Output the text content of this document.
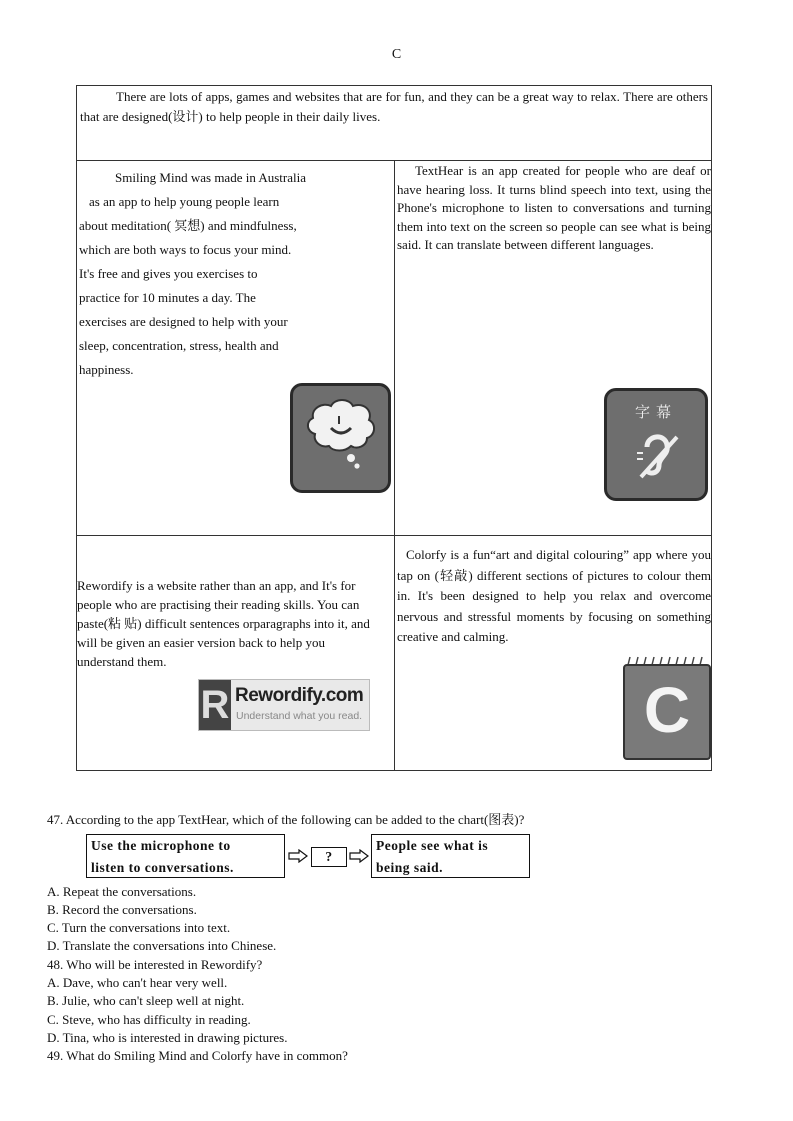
C
There are lots of apps, games and websites that are for fun, and they can be a great way to relax. There are others that are designed(设计) to help people in their daily lives.
Smiling Mind was made in Australia
as an app to help young people learn
about meditation( 冥想) and mindfulness,
which are both ways to focus your mind.
It's free and gives you exercises to
practice for 10 minutes a day. The
exercises are designed to help with your
sleep, concentration, stress, health and
happiness.
TextHear is an app created for people who are deaf or have hearing loss. It turns blind speech into text, using the Phone's microphone to listen to conversations and turning them into text on the screen so people can see what is being said. It can translate between different languages.
字幕
Rewordify is a website rather than an app, and It's for people who are practising their reading skills. You can paste(粘 贴) difficult sentences orparagraphs into it, and will be given an easier version back to help you understand them.
R Rewordify.com
Understand what you read.
Colorfy is a fun“art and digital colouring” app where you tap on (轻敲) different sections of pictures to colour them in. It's been designed to help you relax and overcome nervous and stressful moments by focusing on something creative and calming.
C
47. According to the app TextHear, which of the following can be added to the chart(图表)?
Use the microphone to
listen to conversations.
?
People see what is
being said.
A. Repeat the conversations.
B. Record the conversations.
C. Turn the conversations into text.
D. Translate the conversations into Chinese.
48. Who will be interested in Rewordify?
A. Dave, who can't hear very well.
B. Julie, who can't sleep well at night.
C. Steve, who has difficulty in reading.
D. Tina, who is interested in drawing pictures.
49. What do Smiling Mind and Colorfy have in common?
